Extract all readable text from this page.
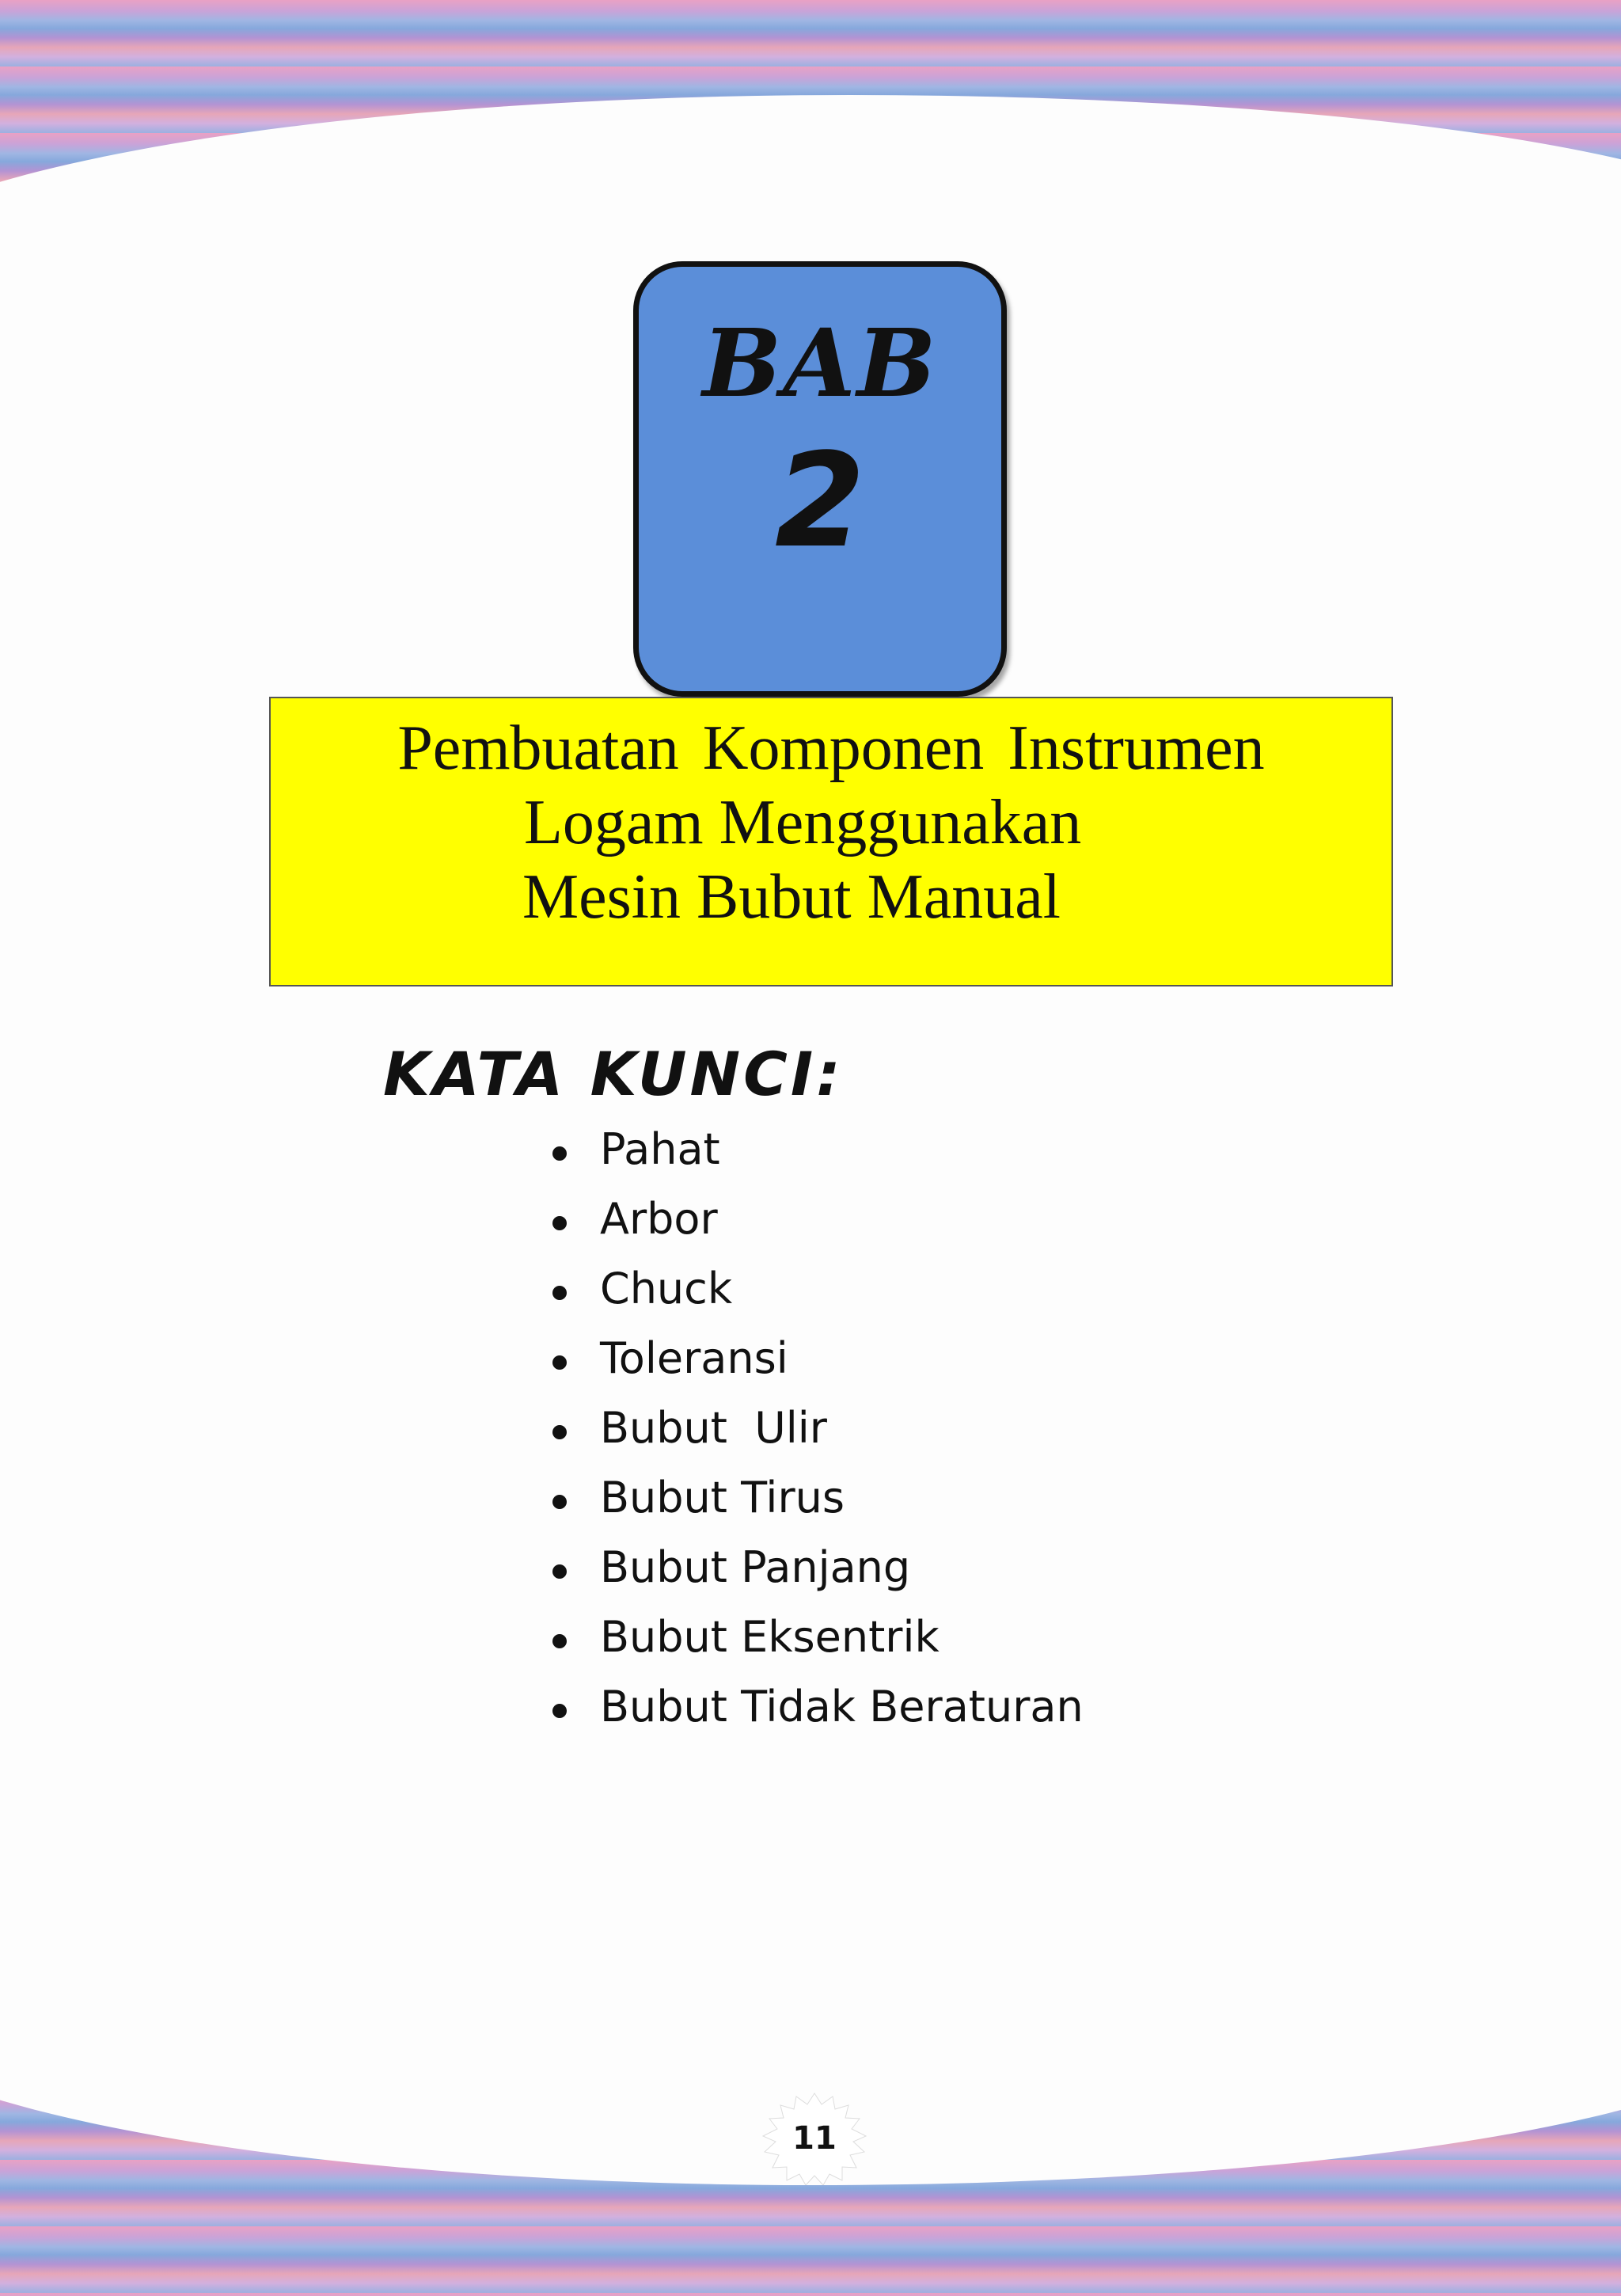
BAB
2
Pembuatan Komponen Instrumen
Logam Menggunakan
Mesin Bubut Manual
KATA KUNCI:
Pahat
Arbor
Chuck
Toleransi
Bubut  Ulir
Bubut Tirus
Bubut Panjang
Bubut Eksentrik
Bubut Tidak Beraturan
11
